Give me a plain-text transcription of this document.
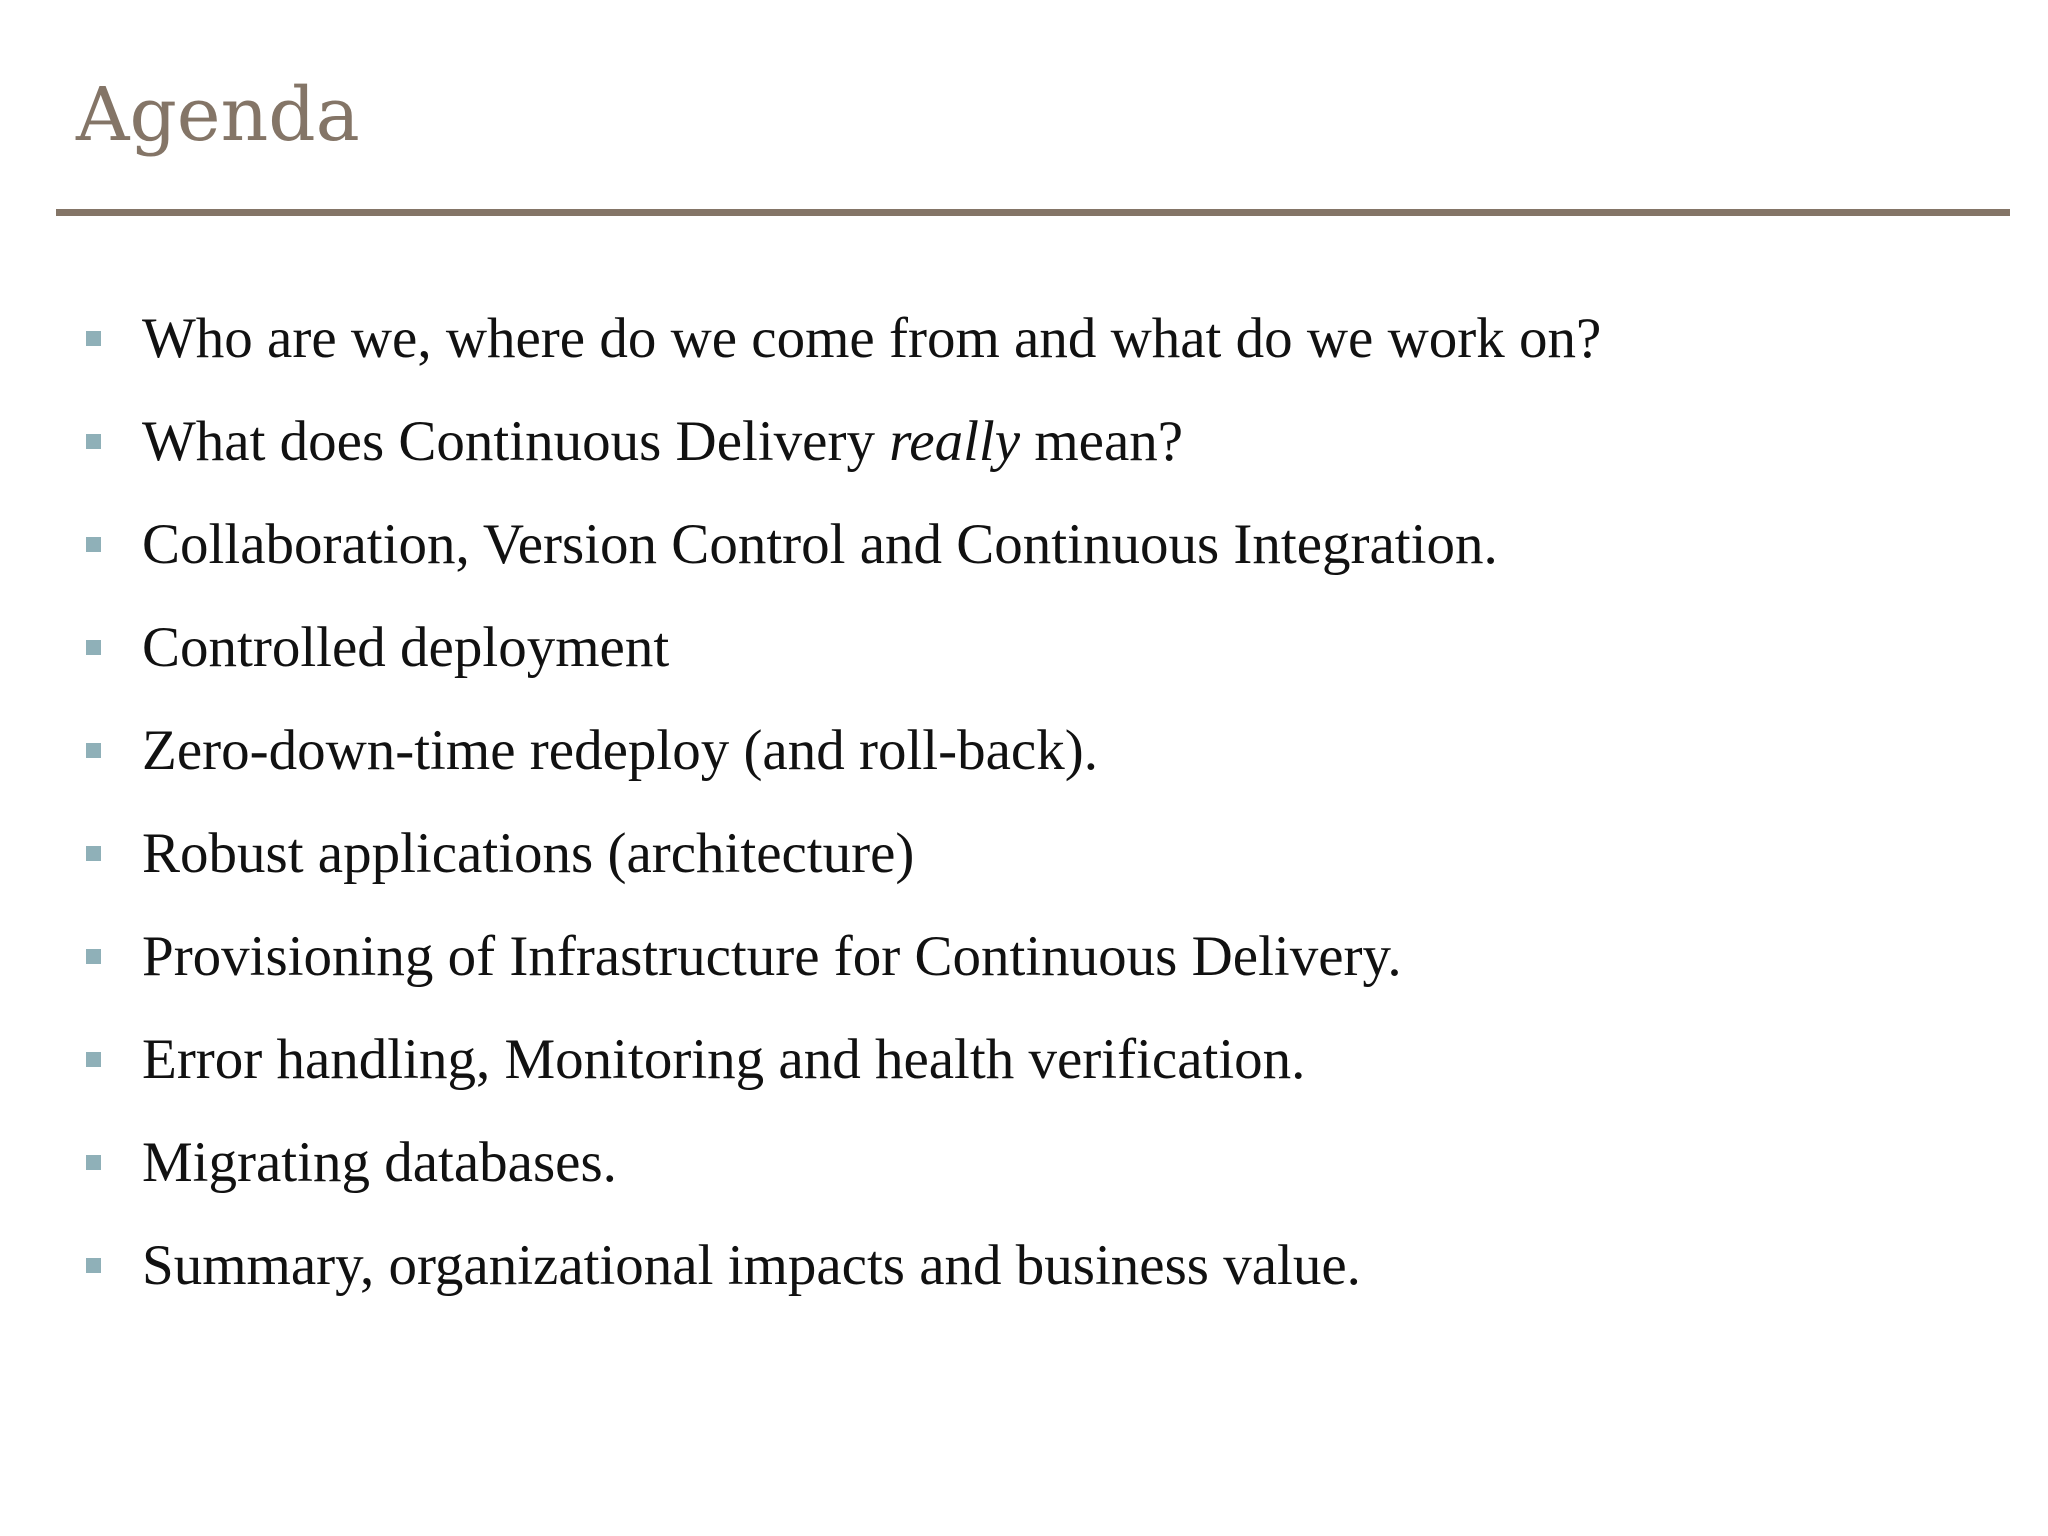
Agenda
Who are we, where do we come from and what do we work on?
What does Continuous Delivery really mean?
Collaboration, Version Control and Continuous Integration.
Controlled deployment
Zero-down-time redeploy (and roll-back).
Robust applications (architecture)
Provisioning of Infrastructure for Continuous Delivery.
Error handling, Monitoring and health verification.
Migrating databases.
Summary, organizational impacts and business value.
